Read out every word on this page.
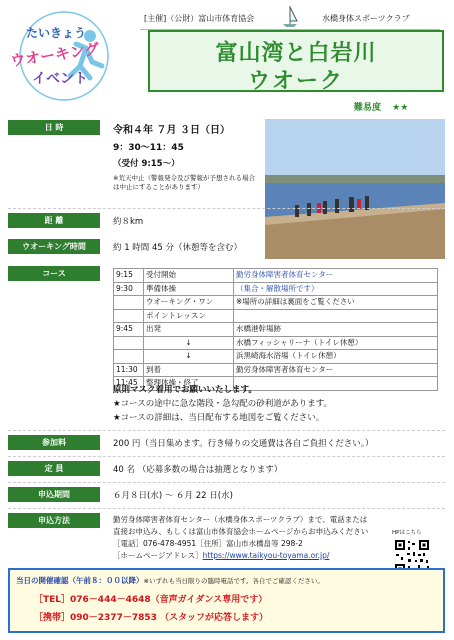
たいきょう
ウオーキング
イベント
[主催]（公財）富山市体育協会	水橋身体スポーツクラブ
富山湾と白岩川
ウオーク
難易度 ★★
日 時	令和４年 ７月 ３日（日）
9：30～11：45
（受付 9:15～）
※荒天中止（警報発令及び警報が予想される場合は中止にすることがあります）
距 離	約８km
ウオーキング時間	約 1 時間 45 分（休憩等を含む）
コース	9:15	受付開始	勤労身体障害者体育センター
9:30	準備体操	（集合・解散場所です）
	ウオーキング・ワン	※場所の詳細は裏面をご覧ください
	ポイントレッスン	
9:45	出発	水橋港幹場跡
	↓	水橋フィッシャリーナ（トイレ休憩）
	↓	浜黒崎海水浴場（トイレ休憩）
11:30	到着	勤労身体障害者体育センター
11:45	整理体操・終了	
原則マスク着用でお願いいたします。
★コースの途中に急な階段・急勾配の砂利道があります。
★コースの詳細は、当日配布する地図をご覧ください。
参加料	200 円（当日集めます。行き帰りの交通費は各自ご負担ください。）
定 員	40 名 （応募多数の場合は抽選となります）
申込期間	６月８日(水) ～ ６月 22 日(水)
申込方法	勤労身体障害者体育センター（水橋身体スポーツクラブ）まで、電話または
直接お申込み、もしくは富山市体育協会ホームページからお申込みください
［電話］076-478-4951［住所］富山市水橋畠等 298-2
［ホームページアドレス］https://www.taikyou-toyama.or.jp/
HPはこちら
当日の開催確認（午前８：００以降）※いずれも当日限りの臨時電話です。各自でご確認ください。
［TEL］076－444－4648（音声ガイダンス専用です）
［携帯］090－2377－7853 （スタッフが応答します）
